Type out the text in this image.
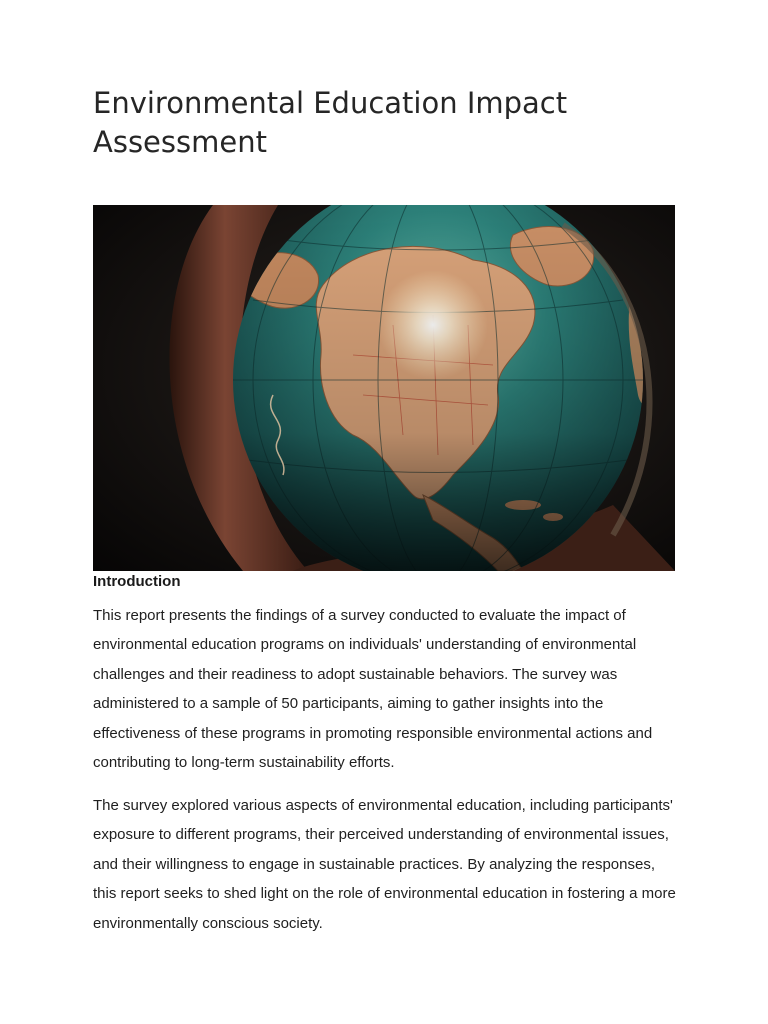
Environmental Education Impact Assessment
Introduction

This report presents the findings of a survey conducted to evaluate the impact of environmental education programs on individuals' understanding of environmental challenges and their readiness to adopt sustainable behaviors. The survey was administered to a sample of 50 participants, aiming to gather insights into the effectiveness of these programs in promoting responsible environmental actions and contributing to long-term sustainability efforts.

The survey explored various aspects of environmental education, including participants' exposure to different programs, their perceived understanding of environmental issues, and their willingness to engage in sustainable practices. By analyzing the responses, this report seeks to shed light on the role of environmental education in fostering a more environmentally conscious society.
